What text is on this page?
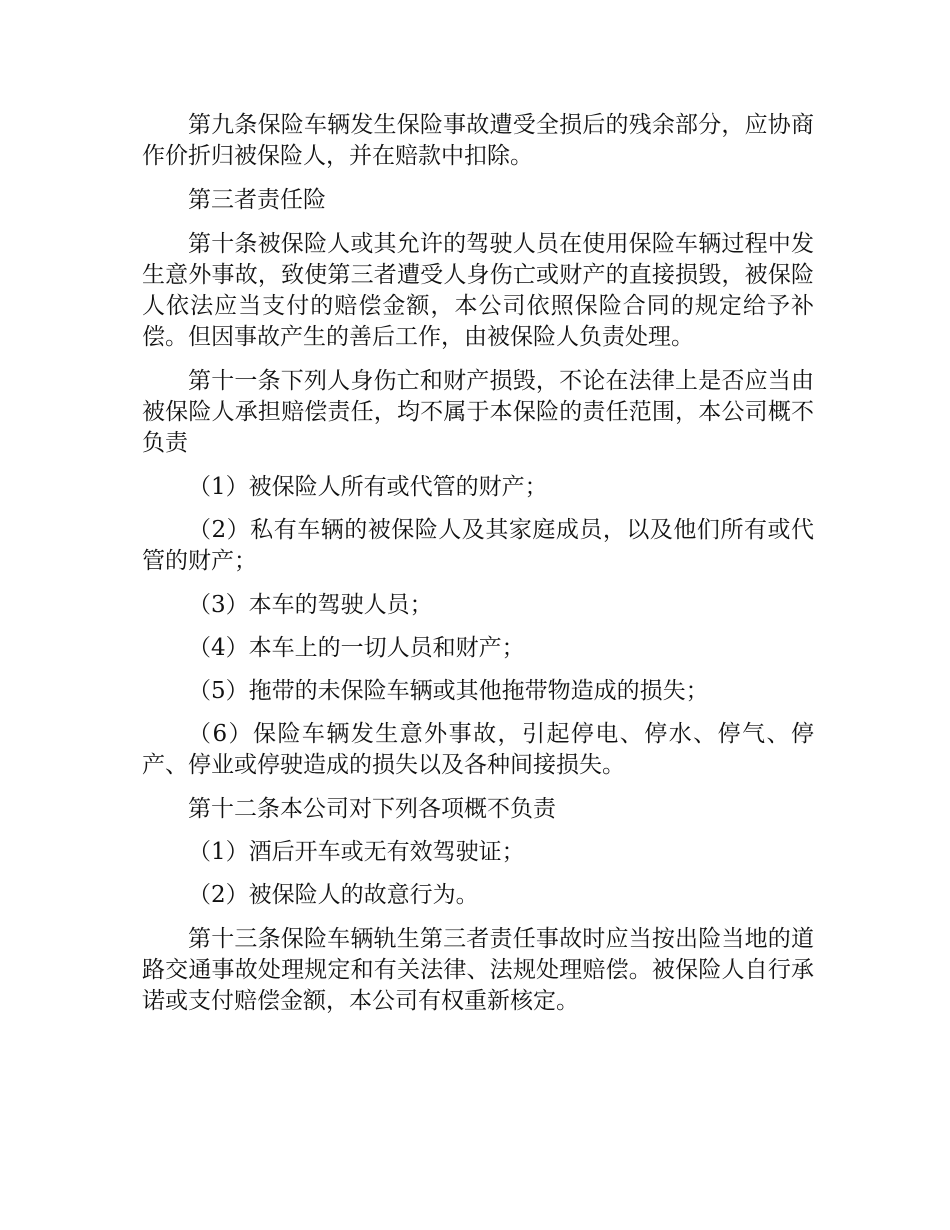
第九条保险车辆发生保险事故遭受全损后的残余部分，应协商作价折归被保险人，并在赔款中扣除。

第三者责任险

第十条被保险人或其允许的驾驶人员在使用保险车辆过程中发生意外事故，致使第三者遭受人身伤亡或财产的直接损毁，被保险人依法应当支付的赔偿金额，本公司依照保险合同的规定给予补偿。但因事故产生的善后工作，由被保险人负责处理。

第十一条下列人身伤亡和财产损毁，不论在法律上是否应当由被保险人承担赔偿责任，均不属于本保险的责任范围，本公司概不负责

（1）被保险人所有或代管的财产；

（2）私有车辆的被保险人及其家庭成员，以及他们所有或代管的财产；

（3）本车的驾驶人员；

（4）本车上的一切人员和财产；

（5）拖带的未保险车辆或其他拖带物造成的损失；

（6）保险车辆发生意外事故，引起停电、停水、停气、停产、停业或停驶造成的损失以及各种间接损失。

第十二条本公司对下列各项概不负责

（1）酒后开车或无有效驾驶证；

（2）被保险人的故意行为。

第十三条保险车辆轨生第三者责任事故时应当按出险当地的道路交通事故处理规定和有关法律、法规处理赔偿。被保险人自行承诺或支付赔偿金额，本公司有权重新核定。
